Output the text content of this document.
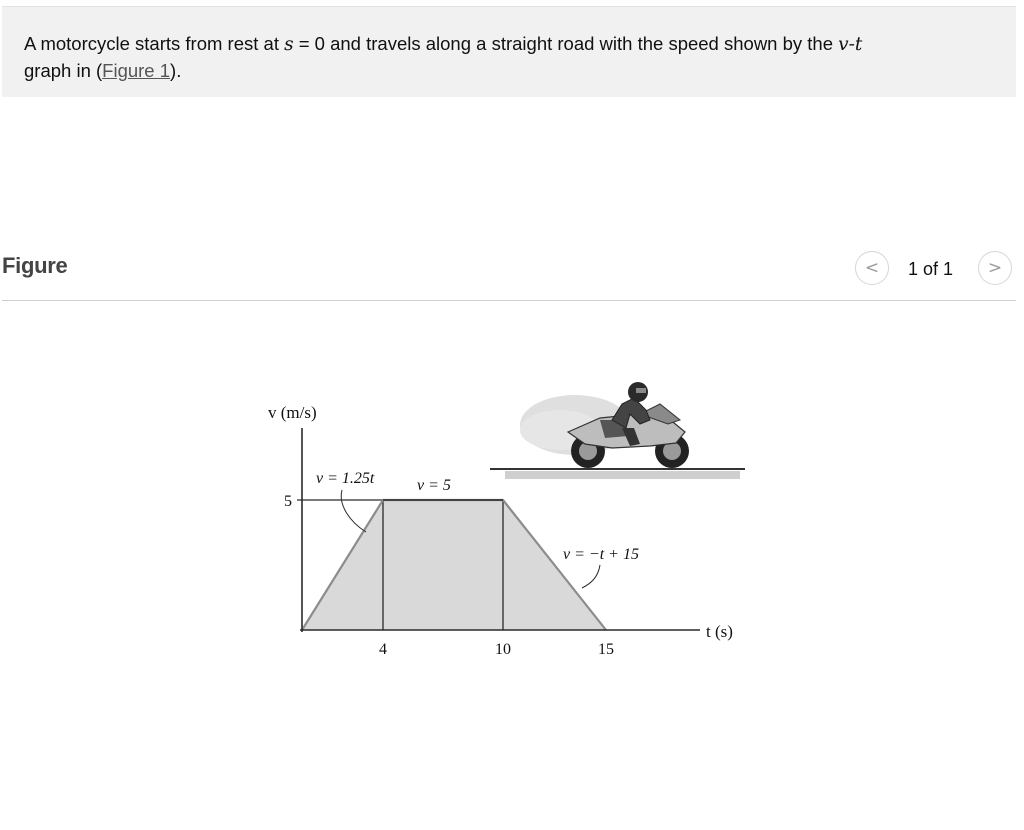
A motorcycle starts from rest at s = 0 and travels along a straight road with the speed shown by the v-t
graph in (Figure 1).
Figure	< 1 of 1 >
v (m/s)
t (s)
5
4	10	15
v = 1.25t	v = 5
v = −t + 15
